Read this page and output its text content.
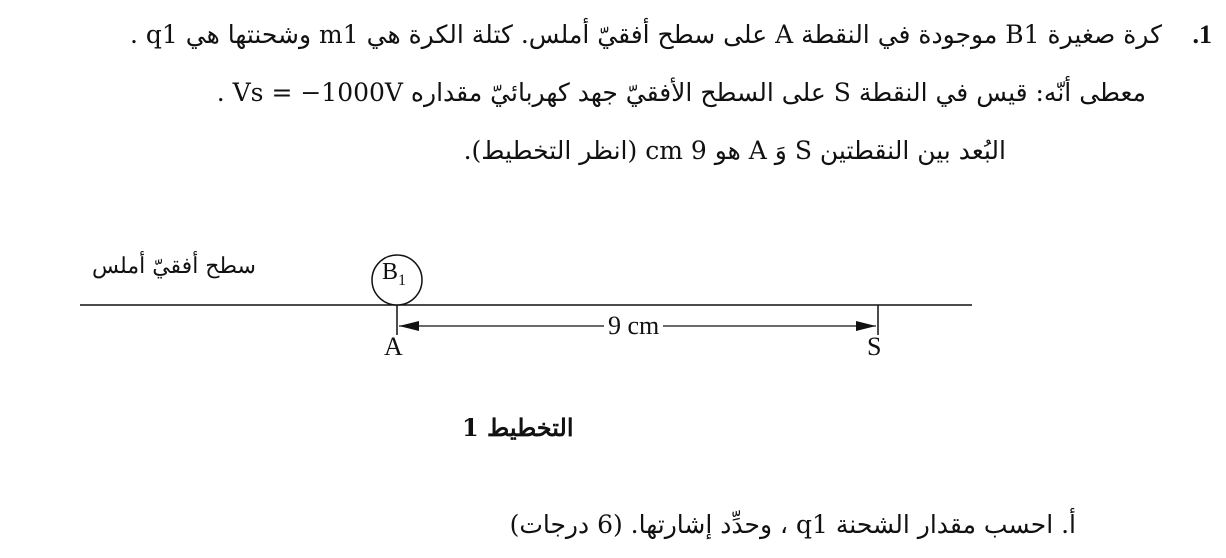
.1
كرة صغيرة B1 موجودة في النقطة A على سطح أفقيّ أملس. كتلة الكرة هي m1 وشحنتها هي q1 .
معطى أنّه: قيس في النقطة S على السطح الأفقيّ جهد كهربائيّ مقداره Vs = −1000V .
البُعد بين النقطتين S وَ A هو 9 cm (انظر التخطيط).
سطح أفقيّ أملس	$B_1$
9 cm
A	S
التخطيط 1
أ. احسب مقدار الشحنة q1 ، وحدِّد إشارتها. (6 درجات)
